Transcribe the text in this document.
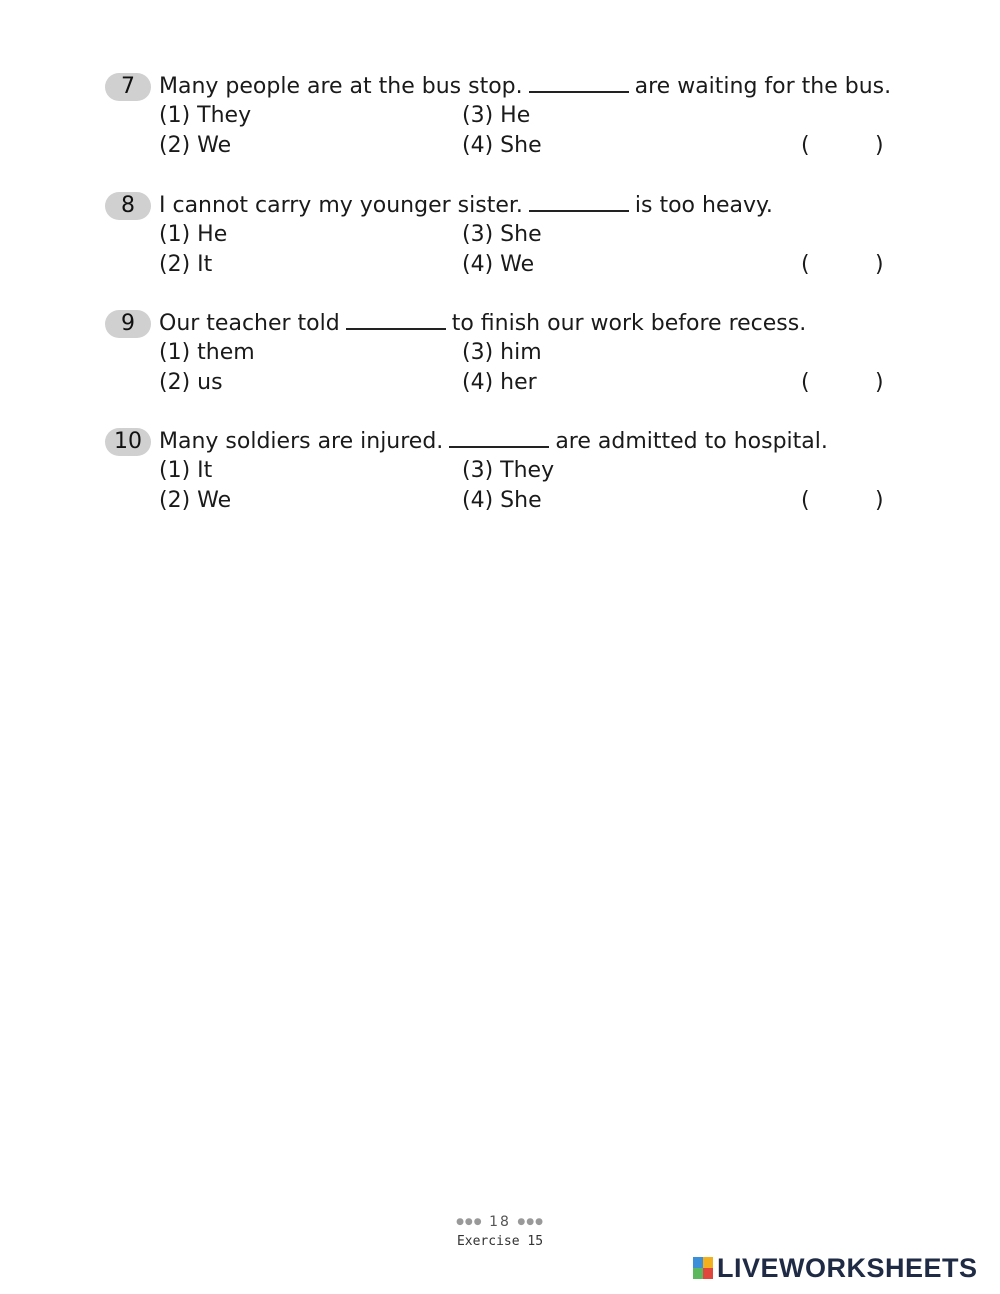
7	Many people are at the bus stop.	are waiting for the bus.
(1) They
(2) We
(3) He
(4) She	(	)
8	I cannot carry my younger sister.	is too heavy.
(1) He
(2) It
(3) She
(4) We	(	)
9	Our teacher told	to finish our work before recess.
(1) them
(2) us
(3) him
(4) her	(	)
10 Many soldiers are injured.	are admitted to hospital.
(1) It
(2) We
(3) They
(4) She	(	)
●●● 18 ●●●
Exercise 15
LIVEWORKSHEETS
